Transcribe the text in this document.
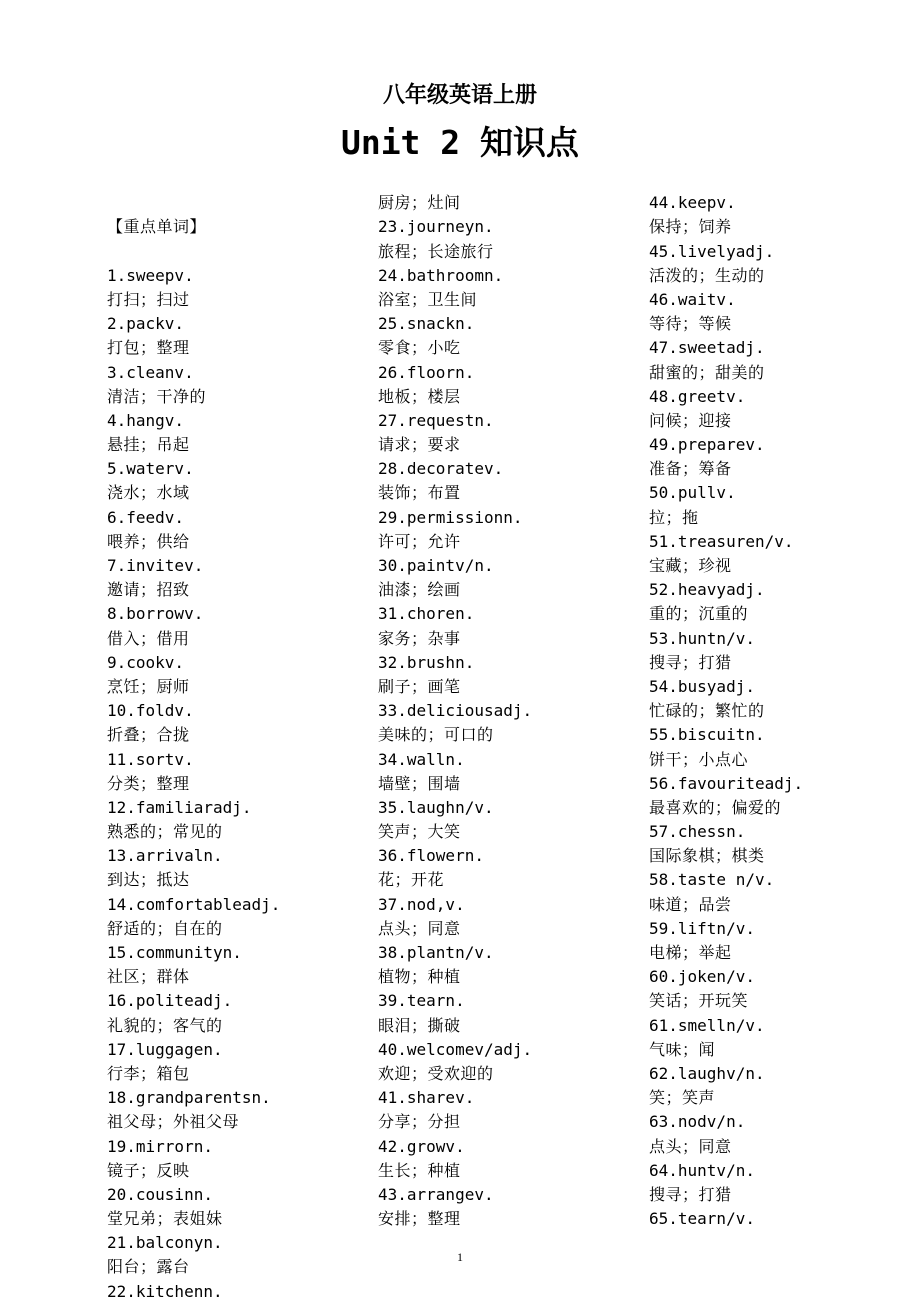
八年级英语上册
Unit 2 知识点

【重点单词】

1.sweepv.
打扫；扫过
2.packv.
打包；整理
3.cleanv.
清洁；干净的
4.hangv.
悬挂；吊起
5.waterv.
浇水；水域
6.feedv.
喂养；供给
7.invitev.
邀请；招致
8.borrowv.
借入；借用
9.cookv.
烹饪；厨师
10.foldv.
折叠；合拢
11.sortv.
分类；整理
12.familiaradj.
熟悉的；常见的
13.arrivaln.
到达；抵达
14.comfortableadj.
舒适的；自在的
15.communityn.
社区；群体
16.politeadj.
礼貌的；客气的
17.luggagen.
行李；箱包
18.grandparentsn.
祖父母；外祖父母
19.mirrorn.
镜子；反映
20.cousinn.
堂兄弟；表姐妹
21.balconyn.
阳台；露台
22.kitchenn.
厨房；灶间
23.journeyn.
旅程；长途旅行
24.bathroomn.
浴室；卫生间
25.snackn.
零食；小吃
26.floorn.
地板；楼层
27.requestn.
请求；要求
28.decoratev.
装饰；布置
29.permissionn.
许可；允许
30.paintv/n.
油漆；绘画
31.choren.
家务；杂事
32.brushn.
刷子；画笔
33.deliciousadj.
美味的；可口的
34.walln.
墙壁；围墙
35.laughn/v.
笑声；大笑
36.flowern.
花；开花
37.nod,v.
点头；同意
38.plantn/v.
植物；种植
39.tearn.
眼泪；撕破
40.welcomev/adj.
欢迎；受欢迎的
41.sharev.
分享；分担
42.growv.
生长；种植
43.arrangev.
安排；整理
44.keepv.
保持；饲养
45.livelyadj.
活泼的；生动的
46.waitv.
等待；等候
47.sweetadj.
甜蜜的；甜美的
48.greetv.
问候；迎接
49.preparev.
准备；筹备
50.pullv.
拉；拖
51.treasuren/v.
宝藏；珍视
52.heavyadj.
重的；沉重的
53.huntn/v.
搜寻；打猎
54.busyadj.
忙碌的；繁忙的
55.biscuitn.
饼干；小点心
56.favouriteadj.
最喜欢的；偏爱的
57.chessn.
国际象棋；棋类
58.taste n/v.
味道；品尝
59.liftn/v.
电梯；举起
60.joken/v.
笑话；开玩笑
61.smelln/v.
气味；闻
62.laughv/n.
笑；笑声
63.nodv/n.
点头；同意
64.huntv/n.
搜寻；打猎
65.tearn/v.
1
